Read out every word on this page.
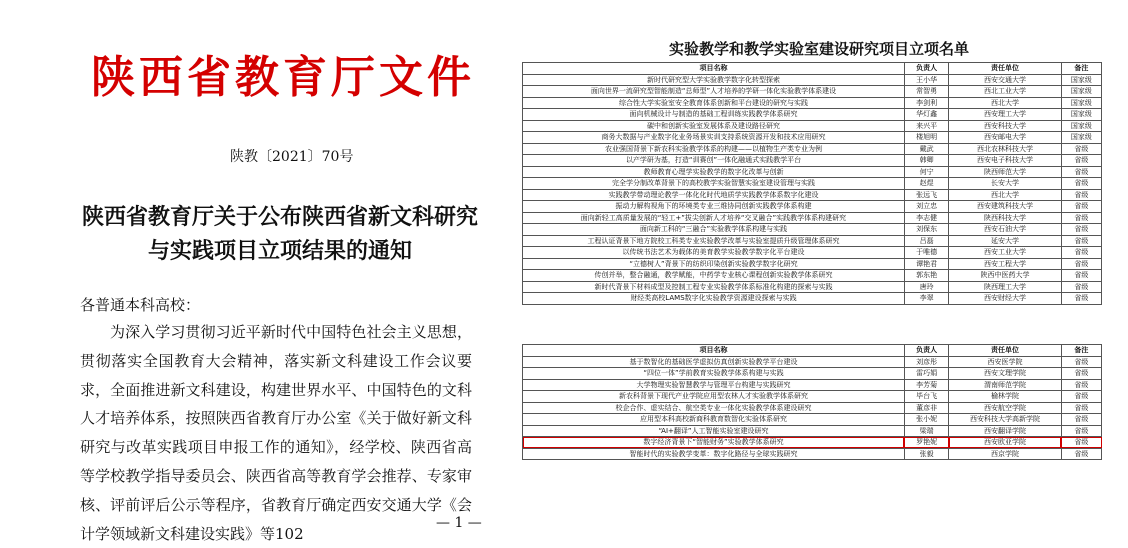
陕西省教育厅文件
陕教〔2021〕70号
陕西省教育厅关于公布陕西省新文科研究
与实践项目立项结果的通知
各普通本科高校：
为深入学习贯彻习近平新时代中国特色社会主义思想，贯彻落实全国教育大会精神，落实新文科建设工作会议要求，全面推进新文科建设，构建世界水平、中国特色的文科人才培养体系，按照陕西省教育厅办公室《关于做好新文科研究与改革实践项目申报工作的通知》，经学校、陕西省高等学校教学指导委员会、陕西省高等教育学会推荐、专家审核、评前评后公示等程序，省教育厅确定西安交通大学《会计学领域新文科建设实践》等102
— 1 —
实验教学和教学实验室建设研究项目立项名单
项目名称	负责人	责任单位	备注
新时代研究型大学实验教学数字化转型探索	王小华	西安交通大学	国家级
面向世界一流研究型智能制造“总师型”人才培养的学研一体化实验教学体系建设	常智勇	西北工业大学	国家级
综合性大学实验室安全教育体系创新和平台建设的研究与实践	李剑利	西北大学	国家级
面向机械设计与制造的基础工程训练实践教学体系研究	华灯鑫	西安理工大学	国家级
碳中和创新实验室发展体系及建设路径研究	来兴平	西安科技大学	国家级
商务大数据与产业数字化业务场景实训支持系统资源开发和技术应用研究	楼旭明	西安邮电大学	国家级
农业强国背景下新农科实验教学体系的构建——以植物生产类专业为例	戴武	西北农林科技大学	省级
以产学研为基，打造“训赛创”一体化融通式实践教学平台	韩卿	西安电子科技大学	省级
教师教育心理学实验教学的数字化改革与创新	何宁	陕西师范大学	省级
完全学分制改革背景下的高校教学实验智慧实验室建设管理与实践	赵煜	长安大学	省级
实践教学带动理论教学一体化化时代地质学实践教学体系数字化建设	张远飞	西北大学	省级
振动力解构视角下的环境类专业三维协同创新实践教学体系构建	刘立忠	西安建筑科技大学	省级
面向新轻工高质量发展的“轻工+”拔尖创新人才培养“交叉融合”实践教学体系构建研究	李志健	陕西科技大学	省级
面向新工科的“三融合”实验教学体系构建与实践	刘保东	西安石油大学	省级
工程认证背景下地方院校工科类专业实验教学改革与实验室提质升级管理体系研究	吕磊	延安大学	省级
以传统书法艺术为载体的美育教学实验教学数字化平台建设	于唯德	西安工业大学	省级
“立德树人”背景下的纺织印染创新实验教学数字化研究	谭艳君	西安工程大学	省级
传创并举，整合融通，教学赋能，中药学专业核心课程创新实验教学体系研究	郭东艳	陕西中医药大学	省级
新时代背景下材料成型及控制工程专业实验教学体系标准化构建的探索与实践	唐玲	陕西理工大学	省级
财经类高校LAMS数字化实验教学资源建设探索与实践	李翠	西安财经大学	省级
项目名称	负责人	责任单位	备注
基于数智化的基础医学虚拟仿真创新实验教学平台建设	刘彦彤	西安医学院	省级
“四位一体”学前教育实验教学体系构建与实践	雷巧娟	西安文理学院	省级
大学物理实验智慧教学与管理平台构建与实践研究	李芳菊	渭南师范学院	省级
新农科背景下现代产业学院应用型农林人才实验教学体系研究	毕台飞	榆林学院	省级
校企合作、虚实结合、航空类专业一体化实验教学体系建设研究	董彦非	西安航空学院	省级
应用型本科高校新商科教育数智化实验体系研究	张小妮	西安科技大学高新学院	省级
“AI+翻译”人工智能实验室建设研究	梁瑞	西安翻译学院	省级
数字经济背景下“智能财务”实验教学体系研究	罗艳妮	西安欧亚学院	省级
智能时代的实验教学变革：数字化路径与全球实践研究	张毅	西京学院	省级
